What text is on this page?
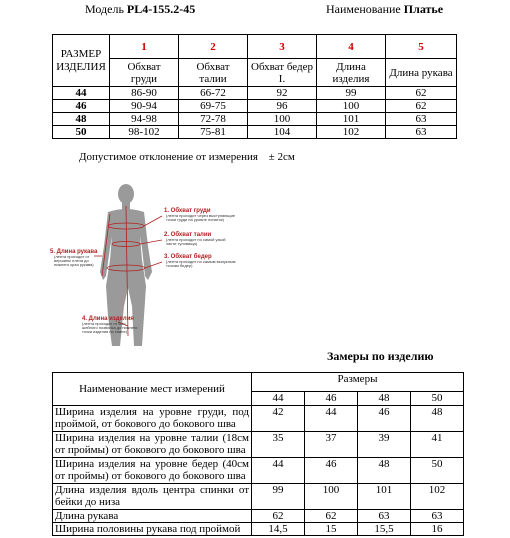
Модель PL4-155.2-45	Наименование Платье
РАЗМЕР ИЗДЕЛИЯ	1	2	3	4	5
	Обхват груди	Обхват талии	Обхват бедер I.	Длина изделия	Длина рукава
44	86-90	66-72	92	99	62
46	90-94	69-75	96	100	62
48	94-98	72-78	100	101	63
50	98-102	75-81	104	102	63
Допустимое отклонение от измерения ± 2см
1. Обхват груди
(лента проходит через выступающие
точки груди на уровне лопаток)
2. Обхват талии
(лента проходит по самой узкой
части туловища)
3. Обхват бедер
(лента проходит по самым выпуклым
точкам бедер)
5. Длина рукава
(лента проходит от
вершины плеча до
нижнего края рукава)
4. Длина изделия
(лента проходит от 6-го
шейного позвонка до нижнего
точки изделия по спине)
Замеры по изделию
Наименование мест измерений	Размеры			
	44	46	48	50
Ширина изделия на уровне груди, под проймой, от бокового до бокового шва	42	44	46	48
Ширина изделия на уровне талии (18см от проймы) от бокового до бокового шва	35	37	39	41
Ширина изделия на уровне бедер (40см от проймы) от бокового до бокового шва	44	46	48	50
Длина изделия вдоль центра спинки от бейки до низа	99	100	101	102
Длина рукава	62	62	63	63
Ширина половины рукава под проймой	14,5	15	15,5	16
